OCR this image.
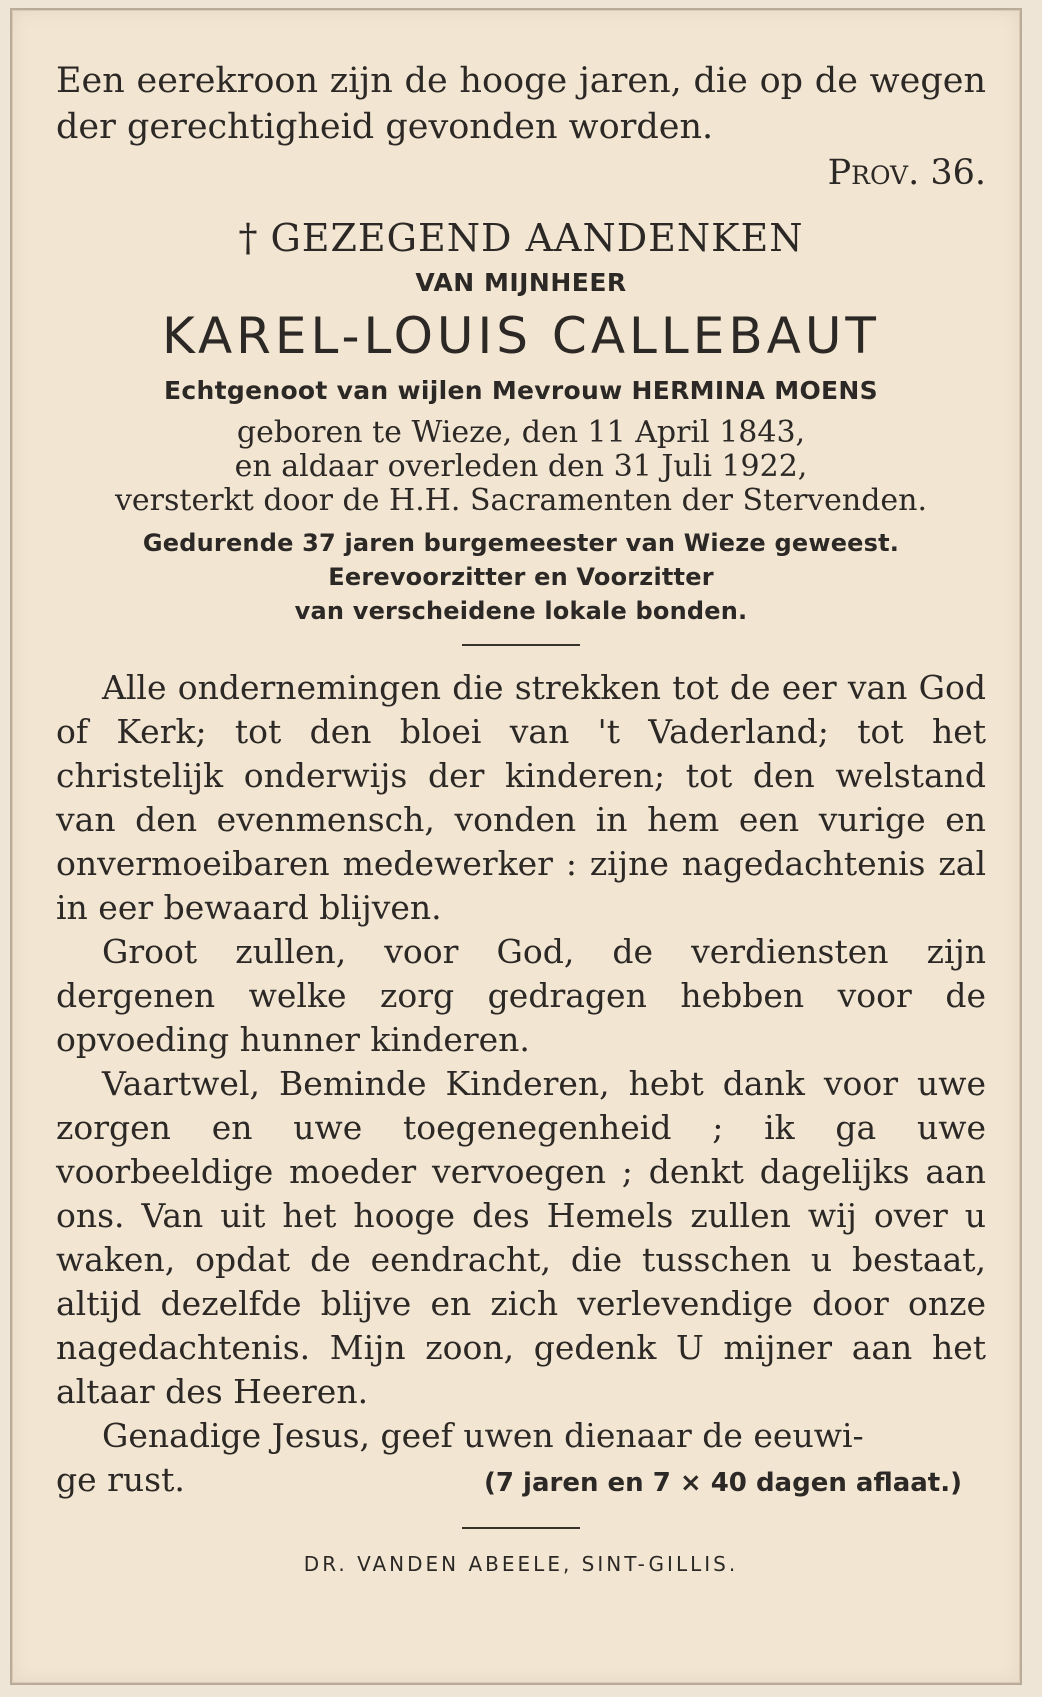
Een eerekroon zijn de hooge jaren, die op de wegen der gerechtigheid gevonden worden.

Prov. 36.

† GEZEGEND AANDENKEN

VAN MIJNHEER

KAREL-LOUIS CALLEBAUT

Echtgenoot van wijlen Mevrouw HERMINA MOENS

geboren te Wieze, den 11 April 1843,
en aldaar overleden den 31 Juli 1922,
versterkt door de H.H. Sacramenten der Stervenden.

Gedurende 37 jaren burgemeester van Wieze geweest.
Eerevoorzitter en Voorzitter
van verscheidene lokale bonden.

Alle ondernemingen die strekken tot de eer van God of Kerk; tot den bloei van 't Vaderland; tot het christelijk onderwijs der kinderen; tot den welstand van den evenmensch, vonden in hem een vurige en onvermoeibaren medewerker : zijne nagedachtenis zal in eer bewaard blijven.

Groot zullen, voor God, de verdiensten zijn dergenen welke zorg gedragen hebben voor de opvoeding hunner kinderen.

Vaartwel, Beminde Kinderen, hebt dank voor uwe zorgen en uwe toegenegenheid ; ik ga uwe voorbeeldige moeder vervoegen ; denkt dagelijks aan ons. Van uit het hooge des Hemels zullen wij over u waken, opdat de eendracht, die tusschen u bestaat, altijd dezelfde blijve en zich verlevendige door onze nagedachtenis. Mijn zoon, gedenk U mijner aan het altaar des Heeren.

Genadige Jesus, geef uwen dienaar de eeuwi-
ge rust.	(7 jaren en 7 × 40 dagen aflaat.)

DR. VANDEN ABEELE, SINT-GILLIS.
